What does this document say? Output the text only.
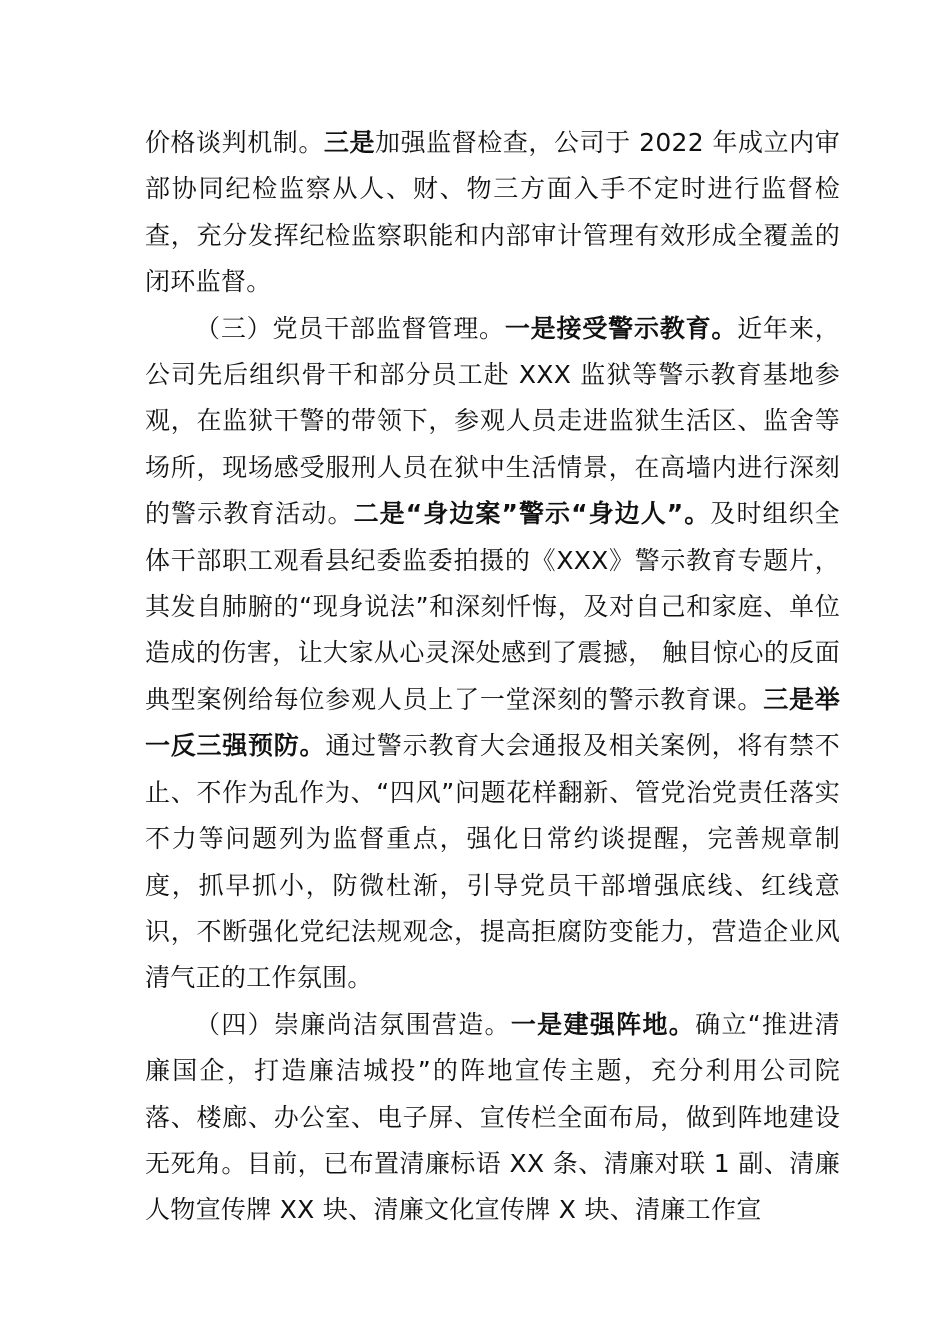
价格谈判机制。三是加强监督检查，公司于 2022 年成立内审部协同纪检监察从人、财、物三方面入手不定时进行监督检查，充分发挥纪检监察职能和内部审计管理有效形成全覆盖的闭环监督。

（三）党员干部监督管理。一是接受警示教育。近年来，公司先后组织骨干和部分员工赴 XXX 监狱等警示教育基地参观，在监狱干警的带领下，参观人员走进监狱生活区、监舍等场所，现场感受服刑人员在狱中生活情景，在高墙内进行深刻的警示教育活动。二是“身边案”警示“身边人”。及时组织全体干部职工观看县纪委监委拍摄的《XXX》警示教育专题片，其发自肺腑的“现身说法”和深刻忏悔，及对自己和家庭、单位造成的伤害，让大家从心灵深处感到了震撼， 触目惊心的反面典型案例给每位参观人员上了一堂深刻的警示教育课。三是举一反三强预防。通过警示教育大会通报及相关案例，将有禁不止、不作为乱作为、“四风”问题花样翻新、管党治党责任落实不力等问题列为监督重点，强化日常约谈提醒，完善规章制度，抓早抓小，防微杜渐，引导党员干部增强底线、红线意识，不断强化党纪法规观念，提高拒腐防变能力，营造企业风清气正的工作氛围。

（四）崇廉尚洁氛围营造。一是建强阵地。确立“推进清廉国企，打造廉洁城投”的阵地宣传主题，充分利用公司院落、楼廊、办公室、电子屏、宣传栏全面布局，做到阵地建设无死角。目前，已布置清廉标语 XX 条、清廉对联 1 副、清廉人物宣传牌 XX 块、清廉文化宣传牌 X 块、清廉工作宣
